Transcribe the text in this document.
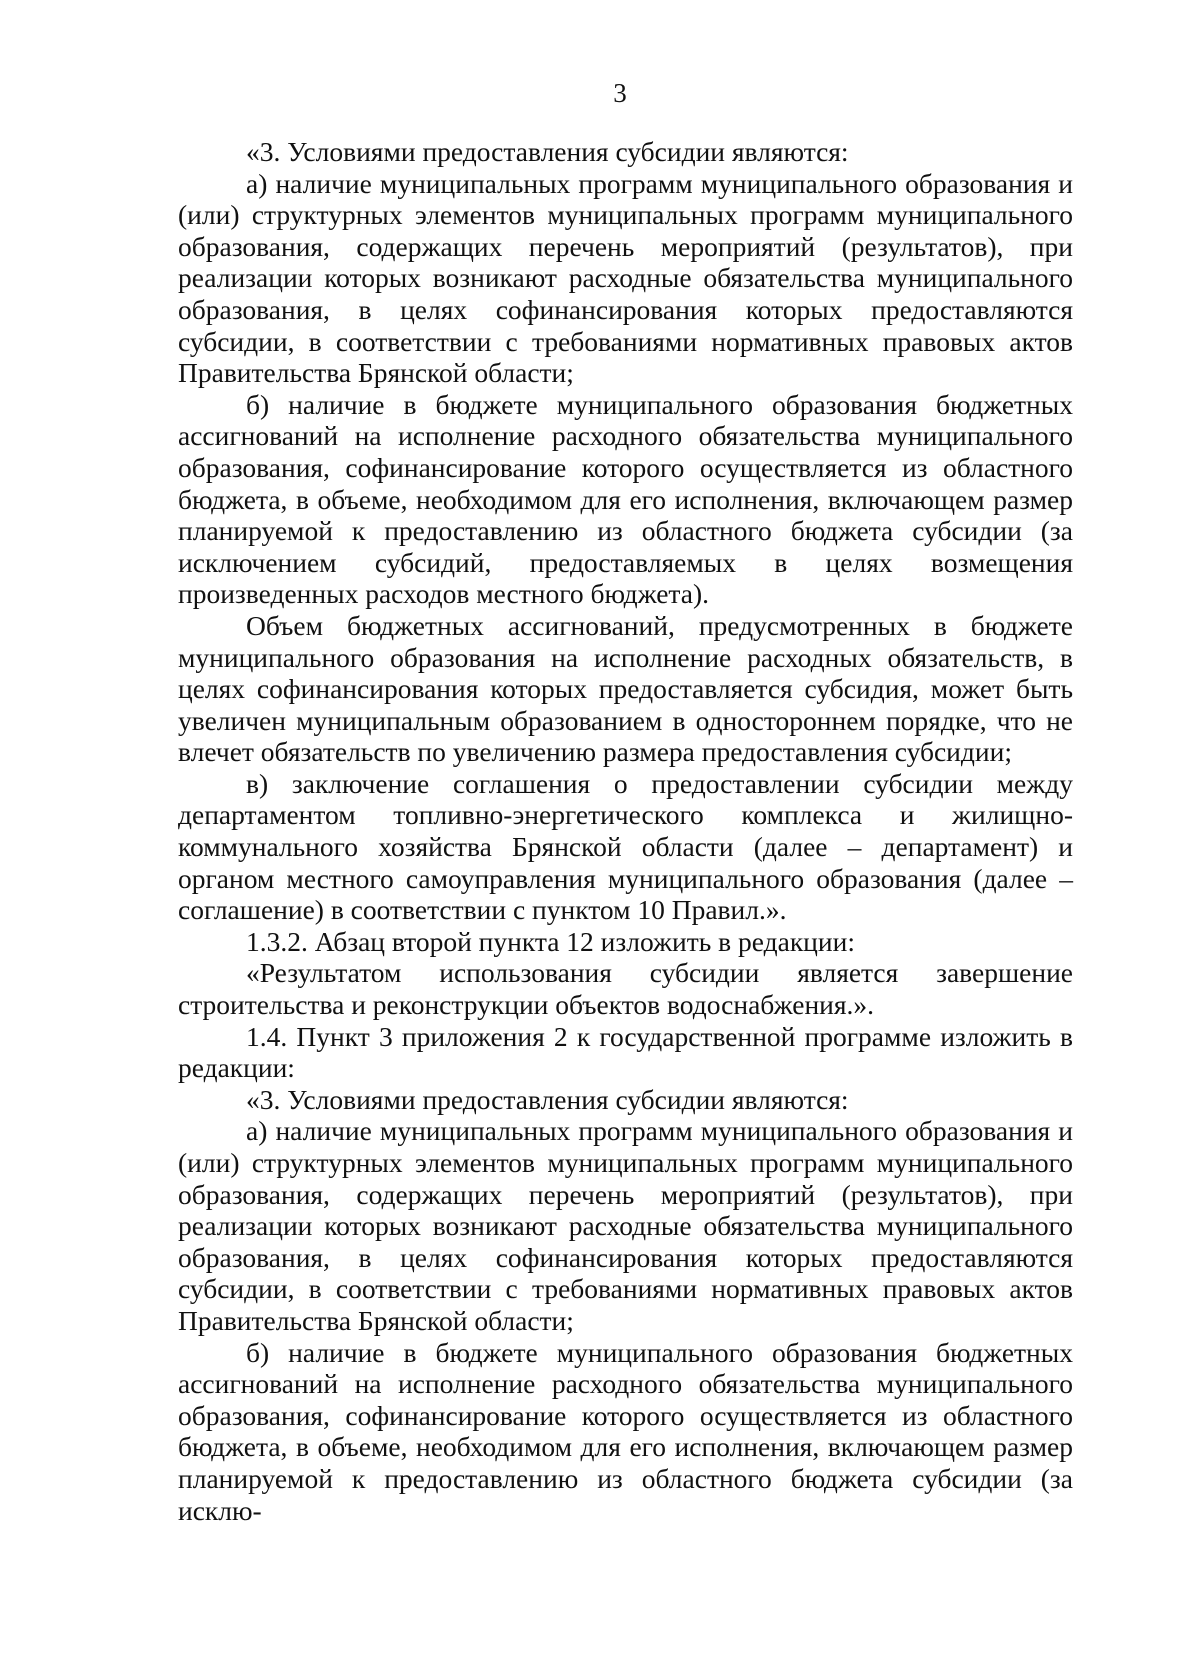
3

«3. Условиями предоставления субсидии являются:

а) наличие муниципальных программ муниципального образования и (или) структурных элементов муниципальных программ муниципального образования, содержащих перечень мероприятий (результатов), при реализации которых возникают расходные обязательства муниципального образования, в целях софинансирования которых предоставляются субсидии, в соответствии с требованиями нормативных правовых актов Правительства Брянской области;

б) наличие в бюджете муниципального образования бюджетных ассигнований на исполнение расходного обязательства муниципального образования, софинансирование которого осуществляется из областного бюджета, в объеме, необходимом для его исполнения, включающем размер планируемой к предоставлению из областного бюджета субсидии (за исключением субсидий, предоставляемых в целях возмещения произведенных расходов местного бюджета).

Объем бюджетных ассигнований, предусмотренных в бюджете муниципального образования на исполнение расходных обязательств, в целях софинансирования которых предоставляется субсидия, может быть увеличен муниципальным образованием в одностороннем порядке, что не влечет обязательств по увеличению размера предоставления субсидии;

в) заключение соглашения о предоставлении субсидии между департаментом топливно-энергетического комплекса и жилищно-коммунального хозяйства Брянской области (далее – департамент) и органом местного самоуправления муниципального образования (далее – соглашение) в соответствии с пунктом 10 Правил.».

1.3.2. Абзац второй пункта 12 изложить в редакции:

«Результатом использования субсидии является завершение строительства и реконструкции объектов водоснабжения.».

1.4. Пункт 3 приложения 2 к государственной программе изложить в редакции:

«3. Условиями предоставления субсидии являются:

а) наличие муниципальных программ муниципального образования и (или) структурных элементов муниципальных программ муниципального образования, содержащих перечень мероприятий (результатов), при реализации которых возникают расходные обязательства муниципального образования, в целях софинансирования которых предоставляются субсидии, в соответствии с требованиями нормативных правовых актов Правительства Брянской области;

б) наличие в бюджете муниципального образования бюджетных ассигнований на исполнение расходного обязательства муниципального образования, софинансирование которого осуществляется из областного бюджета, в объеме, необходимом для его исполнения, включающем размер планируемой к предоставлению из областного бюджета субсидии (за исклю-
